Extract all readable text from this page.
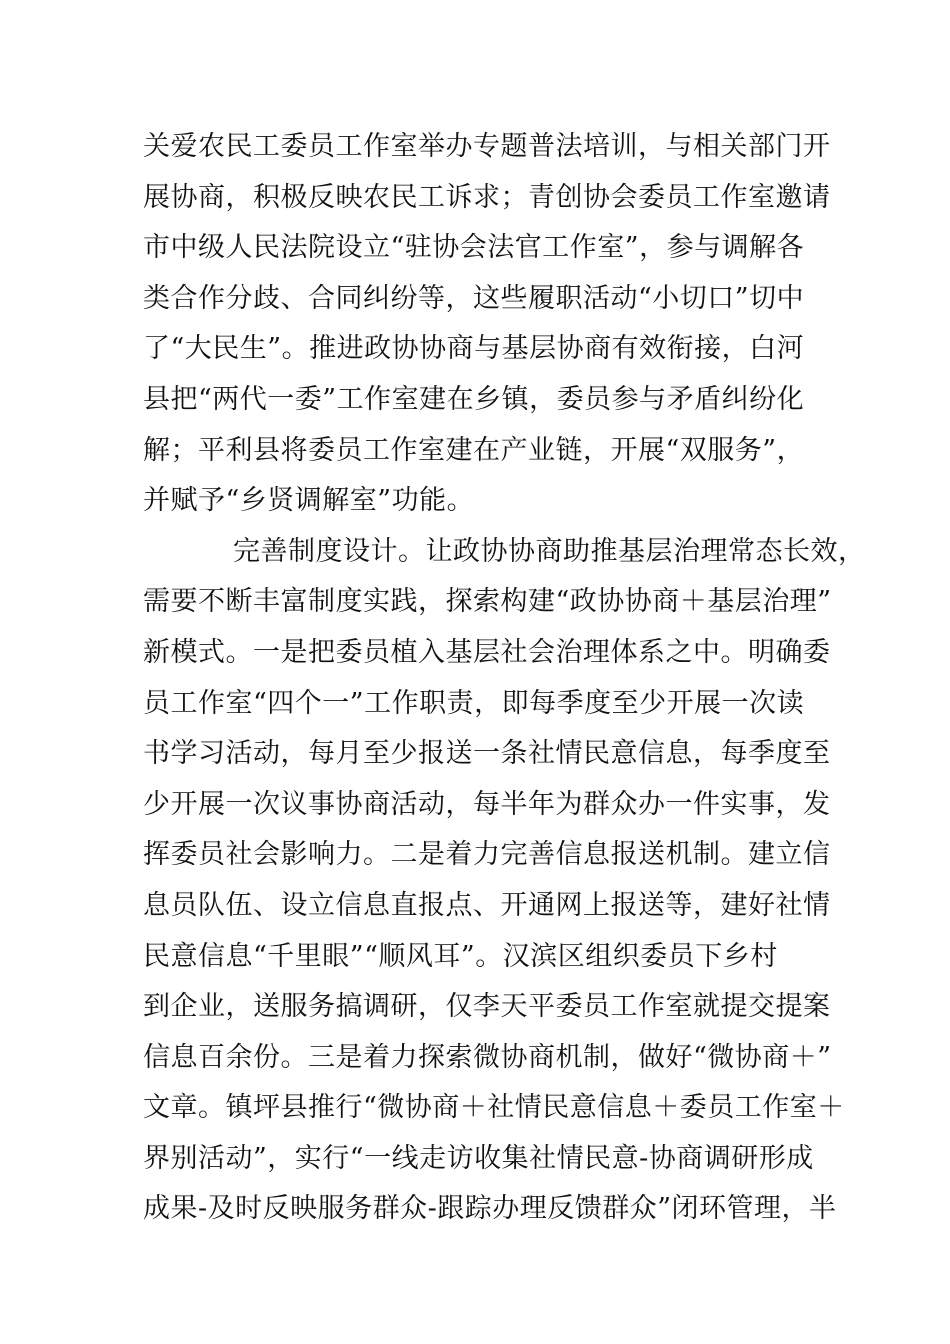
关爱农民工委员工作室举办专题普法培训，与相关部门开
展协商，积极反映农民工诉求；青创协会委员工作室邀请
市中级人民法院设立“驻协会法官工作室”，参与调解各
类合作分歧、合同纠纷等，这些履职活动“小切口”切中
了“大民生”。推进政协协商与基层协商有效衔接，白河
县把“两代一委”工作室建在乡镇，委员参与矛盾纠纷化
解；平利县将委员工作室建在产业链，开展“双服务”，
并赋予“乡贤调解室”功能。
完善制度设计。让政协协商助推基层治理常态长效，
需要不断丰富制度实践，探索构建“政协协商＋基层治理”
新模式。一是把委员植入基层社会治理体系之中。明确委
员工作室“四个一”工作职责，即每季度至少开展一次读
书学习活动，每月至少报送一条社情民意信息，每季度至
少开展一次议事协商活动，每半年为群众办一件实事，发
挥委员社会影响力。二是着力完善信息报送机制。建立信
息员队伍、设立信息直报点、开通网上报送等，建好社情
民意信息“千里眼”“顺风耳”。汉滨区组织委员下乡村
到企业，送服务搞调研，仅李天平委员工作室就提交提案
信息百余份。三是着力探索微协商机制，做好“微协商＋”
文章。镇坪县推行“微协商＋社情民意信息＋委员工作室＋
界别活动”，实行“一线走访收集社情民意-协商调研形成
成果-及时反映服务群众-跟踪办理反馈群众”闭环管理，半
